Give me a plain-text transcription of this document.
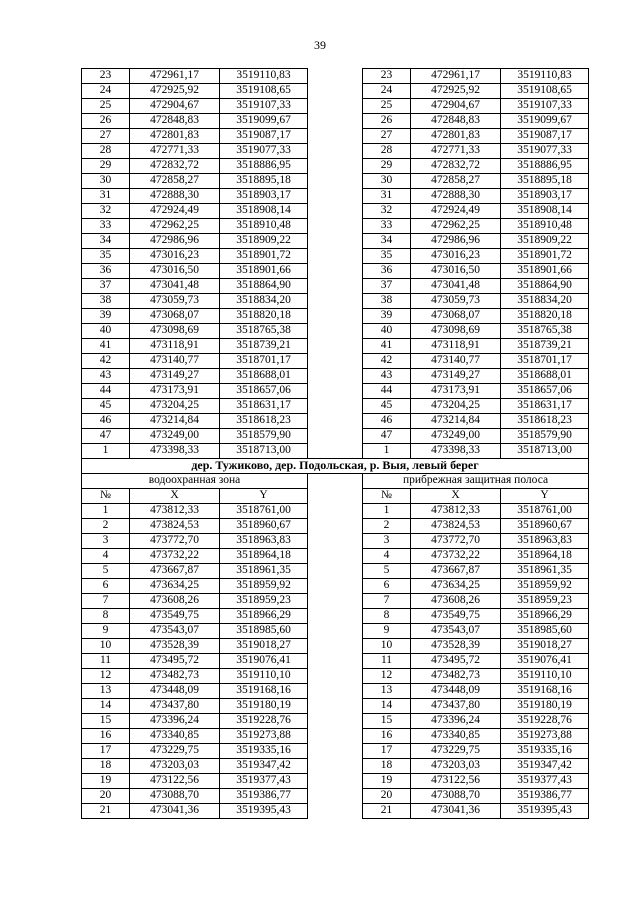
39
23	472961,17	3519110,83		23	472961,17	3519110,83
24	472925,92	3519108,65		24	472925,92	3519108,65
25	472904,67	3519107,33		25	472904,67	3519107,33
26	472848,83	3519099,67		26	472848,83	3519099,67
27	472801,83	3519087,17		27	472801,83	3519087,17
28	472771,33	3519077,33		28	472771,33	3519077,33
29	472832,72	3518886,95		29	472832,72	3518886,95
30	472858,27	3518895,18		30	472858,27	3518895,18
31	472888,30	3518903,17		31	472888,30	3518903,17
32	472924,49	3518908,14		32	472924,49	3518908,14
33	472962,25	3518910,48		33	472962,25	3518910,48
34	472986,96	3518909,22		34	472986,96	3518909,22
35	473016,23	3518901,72		35	473016,23	3518901,72
36	473016,50	3518901,66		36	473016,50	3518901,66
37	473041,48	3518864,90		37	473041,48	3518864,90
38	473059,73	3518834,20		38	473059,73	3518834,20
39	473068,07	3518820,18		39	473068,07	3518820,18
40	473098,69	3518765,38		40	473098,69	3518765,38
41	473118,91	3518739,21		41	473118,91	3518739,21
42	473140,77	3518701,17		42	473140,77	3518701,17
43	473149,27	3518688,01		43	473149,27	3518688,01
44	473173,91	3518657,06		44	473173,91	3518657,06
45	473204,25	3518631,17		45	473204,25	3518631,17
46	473214,84	3518618,23		46	473214,84	3518618,23
47	473249,00	3518579,90		47	473249,00	3518579,90
1	473398,33	3518713,00		1	473398,33	3518713,00
дер. Тужиково, дер. Подольская, р. Выя, левый берег						
водоохранная зона				прибрежная защитная полоса		
№	X	Y		№	X	Y
1	473812,33	3518761,00		1	473812,33	3518761,00
2	473824,53	3518960,67		2	473824,53	3518960,67
3	473772,70	3518963,83		3	473772,70	3518963,83
4	473732,22	3518964,18		4	473732,22	3518964,18
5	473667,87	3518961,35		5	473667,87	3518961,35
6	473634,25	3518959,92		6	473634,25	3518959,92
7	473608,26	3518959,23		7	473608,26	3518959,23
8	473549,75	3518966,29		8	473549,75	3518966,29
9	473543,07	3518985,60		9	473543,07	3518985,60
10	473528,39	3519018,27		10	473528,39	3519018,27
11	473495,72	3519076,41		11	473495,72	3519076,41
12	473482,73	3519110,10		12	473482,73	3519110,10
13	473448,09	3519168,16		13	473448,09	3519168,16
14	473437,80	3519180,19		14	473437,80	3519180,19
15	473396,24	3519228,76		15	473396,24	3519228,76
16	473340,85	3519273,88		16	473340,85	3519273,88
17	473229,75	3519335,16		17	473229,75	3519335,16
18	473203,03	3519347,42		18	473203,03	3519347,42
19	473122,56	3519377,43		19	473122,56	3519377,43
20	473088,70	3519386,77		20	473088,70	3519386,77
21	473041,36	3519395,43		21	473041,36	3519395,43
